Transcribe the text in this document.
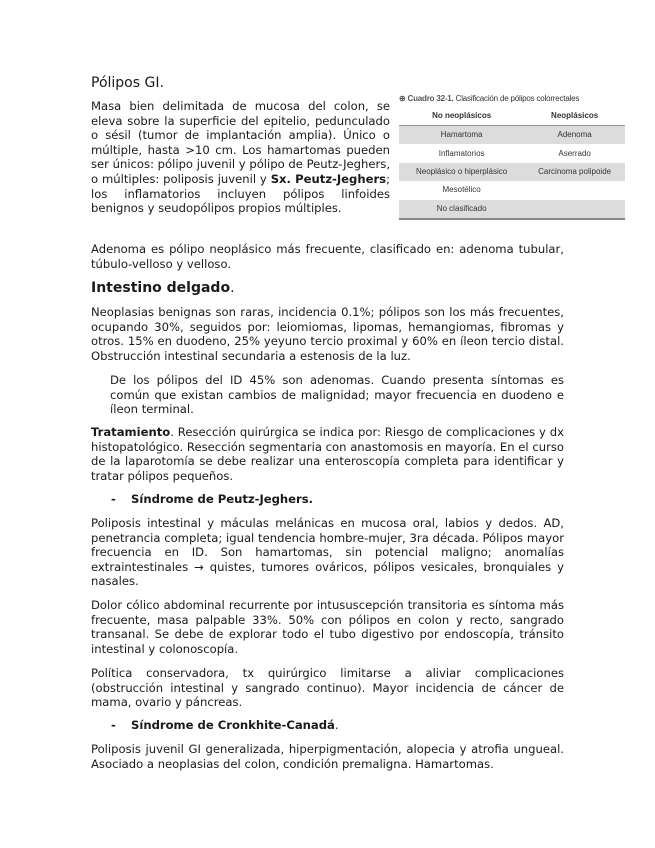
Pólipos GI.

Masa bien delimitada de mucosa del colon, se eleva sobre la superficie del epitelio, pedunculado o sésil (tumor de implantación amplia). Único o múltiple, hasta >10 cm. Los hamartomas pueden ser únicos: pólipo juvenil y pólipo de Peutz-Jeghers, o múltiples: poliposis juvenil y Sx. Peutz-Jeghers; los inflamatorios incluyen pólipos linfoides benignos y seudopólipos propios múltiples.

⊕ Cuadro 32-1. Clasificación de pólipos colorrectales
No neoplásicos	Neoplásicos
Hamartoma	Adenoma
Inflamatorios	Aserrado
Neoplásico o hiperplásico	Carcinoma polipoide
Mesotélico	
No clasificado	

Adenoma es pólipo neoplásico más frecuente, clasificado en: adenoma tubular, túbulo-velloso y velloso.

Intestino delgado.

Neoplasias benignas son raras, incidencia 0.1%; pólipos son los más frecuentes, ocupando 30%, seguidos por: leiomiomas, lipomas, hemangiomas, fibromas y otros. 15% en duodeno, 25% yeyuno tercio proximal y 60% en íleon tercio distal. Obstrucción intestinal secundaria a estenosis de la luz.

De los pólipos del ID 45% son adenomas. Cuando presenta síntomas es común que existan cambios de malignidad; mayor frecuencia en duodeno e íleon terminal.

Tratamiento. Resección quirúrgica se indica por: Riesgo de complicaciones y dx histopatológico. Resección segmentaria con anastomosis en mayoría. En el curso de la laparotomía se debe realizar una enteroscopía completa para identificar y tratar pólipos pequeños.

- Síndrome de Peutz-Jeghers.

Poliposis intestinal y máculas melánicas en mucosa oral, labios y dedos. AD, penetrancia completa; igual tendencia hombre-mujer, 3ra década. Pólipos mayor frecuencia en ID. Son hamartomas, sin potencial maligno; anomalías extraintestinales → quistes, tumores ováricos, pólipos vesicales, bronquiales y nasales.

Dolor cólico abdominal recurrente por intususcepción transitoria es síntoma más frecuente, masa palpable 33%. 50% con pólipos en colon y recto, sangrado transanal. Se debe de explorar todo el tubo digestivo por endoscopía, tránsito intestinal y colonoscopía.

Política conservadora, tx quirúrgico limitarse a aliviar complicaciones (obstrucción intestinal y sangrado continuo). Mayor incidencia de cáncer de mama, ovario y páncreas.

- Síndrome de Cronkhite-Canadá.

Poliposis juvenil GI generalizada, hiperpigmentación, alopecia y atrofia ungueal. Asociado a neoplasias del colon, condición premaligna. Hamartomas.
